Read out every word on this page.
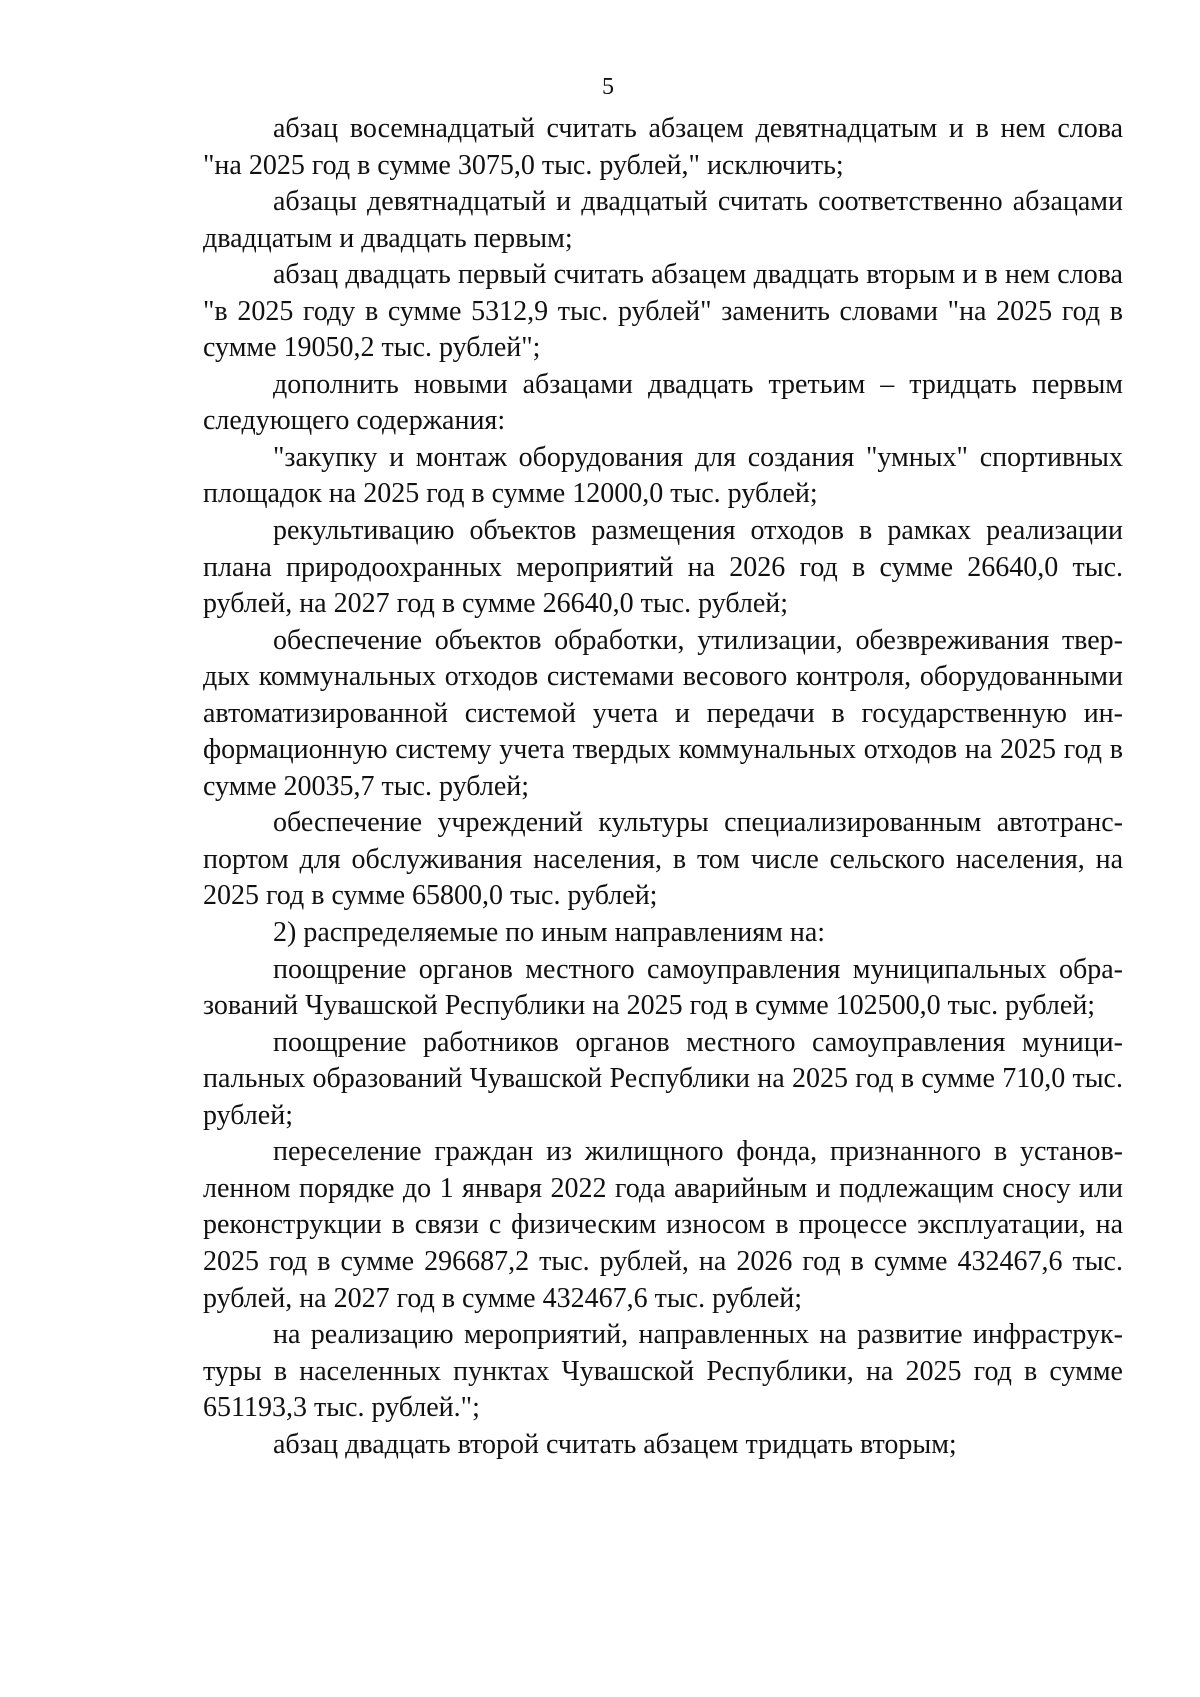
5

абзац восемнадцатый считать абзацем девятнадцатым и в нем слова "на 2025 год в сумме 3075,0 тыс. рублей," исключить;

абзацы девятнадцатый и двадцатый считать соответственно абзацами двадцатым и двадцать первым;

абзац двадцать первый считать абзацем двадцать вторым и в нем слова "в 2025 году в сумме 5312,9 тыс. рублей" заменить словами "на 2025 год в сумме 19050,2 тыс. рублей";

дополнить новыми абзацами двадцать третьим – тридцать первым следующего содержания:

"закупку и монтаж оборудования для создания "умных" спортивных площадок на 2025 год в сумме 12000,0 тыс. рублей;

рекультивацию объектов размещения отходов в рамках реализации плана природоохранных мероприятий на 2026 год в сумме 26640,0 тыс. рублей, на 2027 год в сумме 26640,0 тыс. рублей;

обеспечение объектов обработки, утилизации, обезвреживания твердых коммунальных отходов системами весового контроля, оборудованными автоматизированной системой учета и передачи в государственную информационную систему учета твердых коммунальных отходов на 2025 год в сумме 20035,7 тыс. рублей;

обеспечение учреждений культуры специализированным автотранспортом для обслуживания населения, в том числе сельского населения, на 2025 год в сумме 65800,0 тыс. рублей;

2) распределяемые по иным направлениям на:

поощрение органов местного самоуправления муниципальных образований Чувашской Республики на 2025 год в сумме 102500,0 тыс. рублей;

поощрение работников органов местного самоуправления муниципальных образований Чувашской Республики на 2025 год в сумме 710,0 тыс. рублей;

переселение граждан из жилищного фонда, признанного в установленном порядке до 1 января 2022 года аварийным и подлежащим сносу или реконструкции в связи с физическим износом в процессе эксплуатации, на 2025 год в сумме 296687,2 тыс. рублей, на 2026 год в сумме 432467,6 тыс. рублей, на 2027 год в сумме 432467,6 тыс. рублей;

на реализацию мероприятий, направленных на развитие инфраструктуры в населенных пунктах Чувашской Республики, на 2025 год в сумме 651193,3 тыс. рублей.";

абзац двадцать второй считать абзацем тридцать вторым;
